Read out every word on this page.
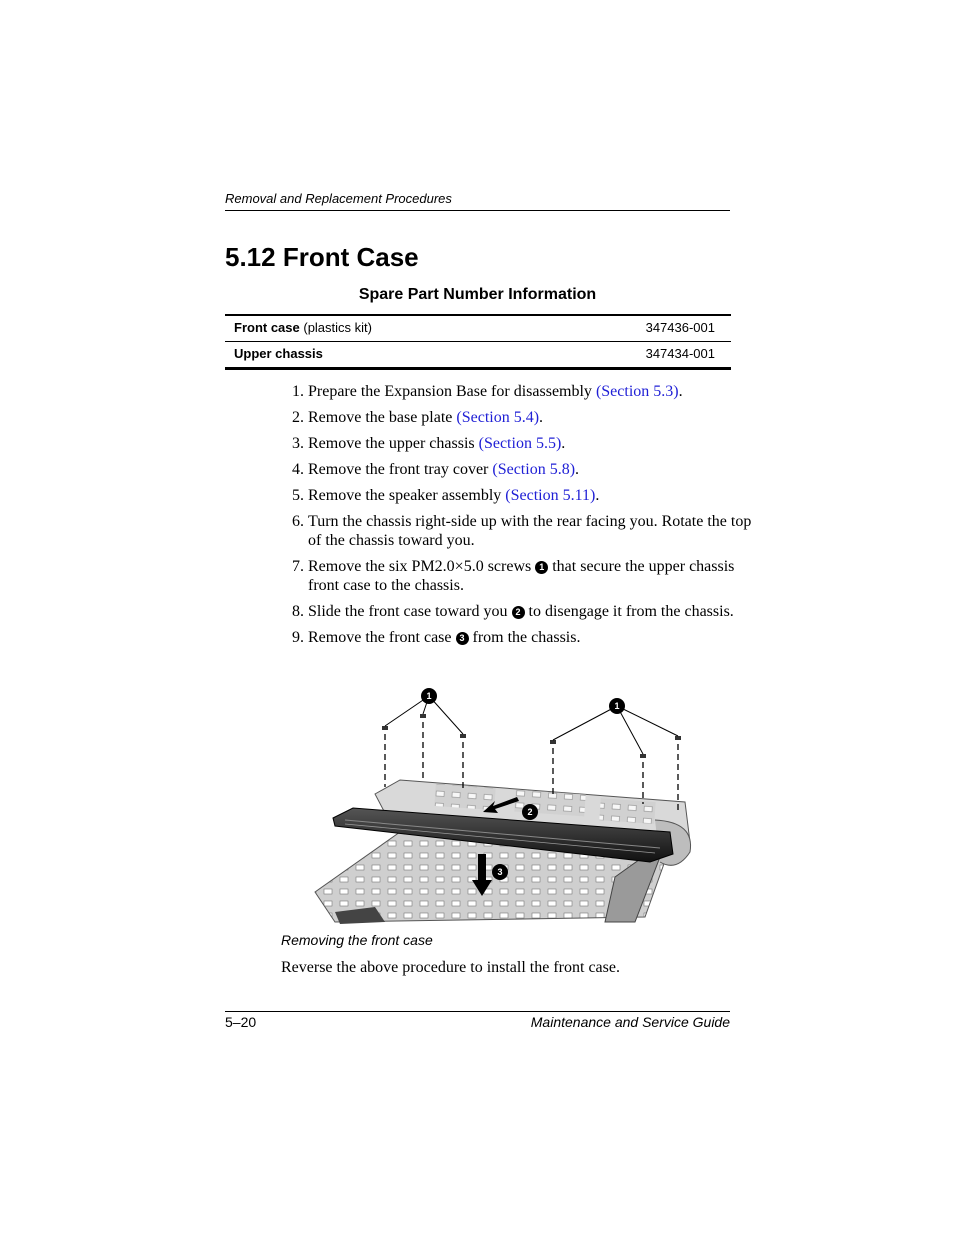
Removal and Replacement Procedures
5.12 Front Case
Spare Part Number Information
Front case (plastics kit)	347436-001
Upper chassis	347434-001
1. Prepare the Expansion Base for disassembly (Section 5.3).
2. Remove the base plate (Section 5.4).
3. Remove the upper chassis (Section 5.5).
4. Remove the front tray cover (Section 5.8).
5. Remove the speaker assembly (Section 5.11).
6. Turn the chassis right-side up with the rear facing you. Rotate the top of the chassis toward you.
7. Remove the six PM2.0×5.0 screws 1 that secure the upper chassis front case to the chassis.
8. Slide the front case toward you 2 to disengage it from the chassis.
9. Remove the front case 3 from the chassis.
1
1
2
3
Removing the front case
Reverse the above procedure to install the front case.
5–20	Maintenance and Service Guide
